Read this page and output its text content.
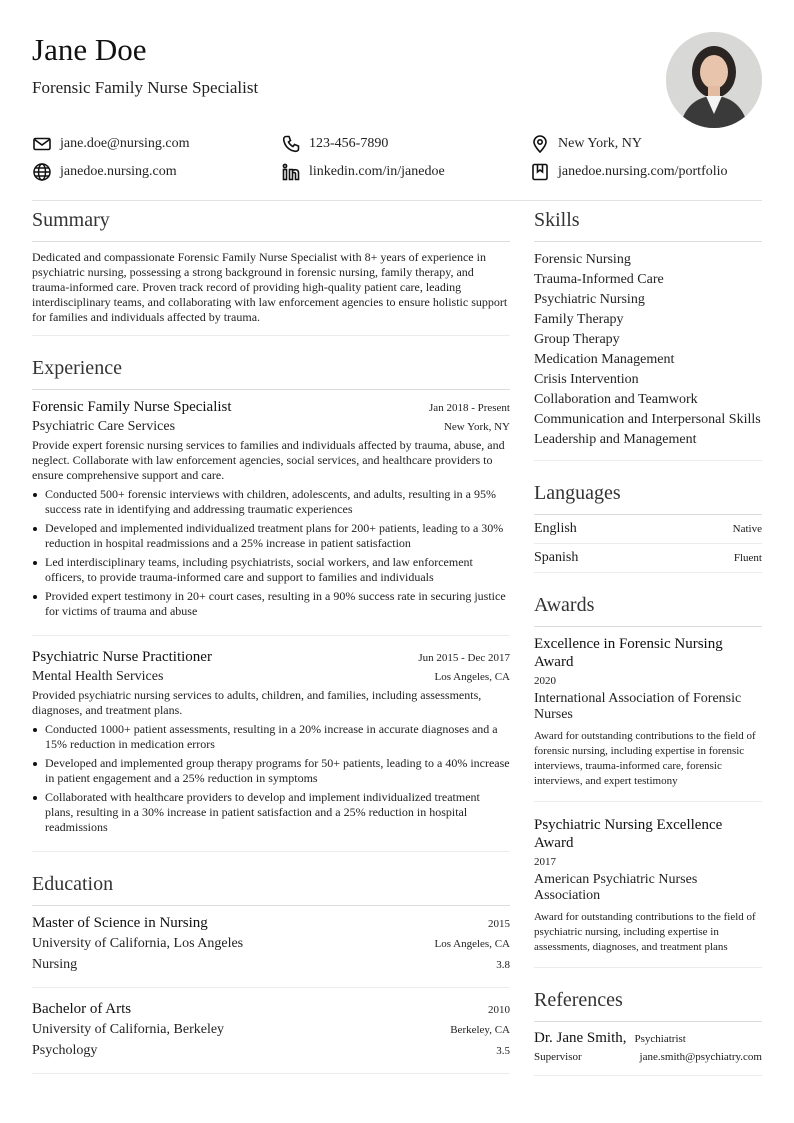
Jane Doe
Forensic Family Nurse Specialist
jane.doe@nursing.com	123-456-7890	New York, NY
janedoe.nursing.com	linkedin.com/in/janedoe	janedoe.nursing.com/portfolio
Summary
Dedicated and compassionate Forensic Family Nurse Specialist with 8+ years of experience in psychiatric nursing, possessing a strong background in forensic nursing, family therapy, and trauma-informed care. Proven track record of providing high-quality patient care, leading interdisciplinary teams, and collaborating with law enforcement agencies to ensure holistic support for families and individuals affected by trauma.
Experience
Forensic Family Nurse Specialist	Jan 2018 - Present
Psychiatric Care Services	New York, NY
Provide expert forensic nursing services to families and individuals affected by trauma, abuse, and neglect. Collaborate with law enforcement agencies, social services, and healthcare providers to ensure comprehensive support and care.
Conducted 500+ forensic interviews with children, adolescents, and adults, resulting in a 95% success rate in identifying and addressing traumatic experiences
Developed and implemented individualized treatment plans for 200+ patients, leading to a 30% reduction in hospital readmissions and a 25% increase in patient satisfaction
Led interdisciplinary teams, including psychiatrists, social workers, and law enforcement officers, to provide trauma-informed care and support to families and individuals
Provided expert testimony in 20+ court cases, resulting in a 90% success rate in securing justice for victims of trauma and abuse
Psychiatric Nurse Practitioner	Jun 2015 - Dec 2017
Mental Health Services	Los Angeles, CA
Provided psychiatric nursing services to adults, children, and families, including assessments, diagnoses, and treatment plans.
Conducted 1000+ patient assessments, resulting in a 20% increase in accurate diagnoses and a 15% reduction in medication errors
Developed and implemented group therapy programs for 50+ patients, leading to a 40% increase in patient engagement and a 25% reduction in symptoms
Collaborated with healthcare providers to develop and implement individualized treatment plans, resulting in a 30% increase in patient satisfaction and a 25% reduction in hospital readmissions
Education
Master of Science in Nursing	2015
University of California, Los Angeles	Los Angeles, CA
Nursing	3.8
Bachelor of Arts	2010
University of California, Berkeley	Berkeley, CA
Psychology	3.5
Skills
Forensic Nursing
Trauma-Informed Care
Psychiatric Nursing
Family Therapy
Group Therapy
Medication Management
Crisis Intervention
Collaboration and Teamwork
Communication and Interpersonal Skills
Leadership and Management
Languages
English	Native
Spanish	Fluent
Awards
Excellence in Forensic Nursing Award
2020
International Association of Forensic Nurses
Award for outstanding contributions to the field of forensic nursing, including expertise in forensic interviews, trauma-informed care, forensic interviews, and expert testimony
Psychiatric Nursing Excellence Award
2017
American Psychiatric Nurses Association
Award for outstanding contributions to the field of psychiatric nursing, including expertise in assessments, diagnoses, and treatment plans
References
Dr. Jane Smith, Psychiatrist
Supervisor	jane.smith@psychiatry.com
